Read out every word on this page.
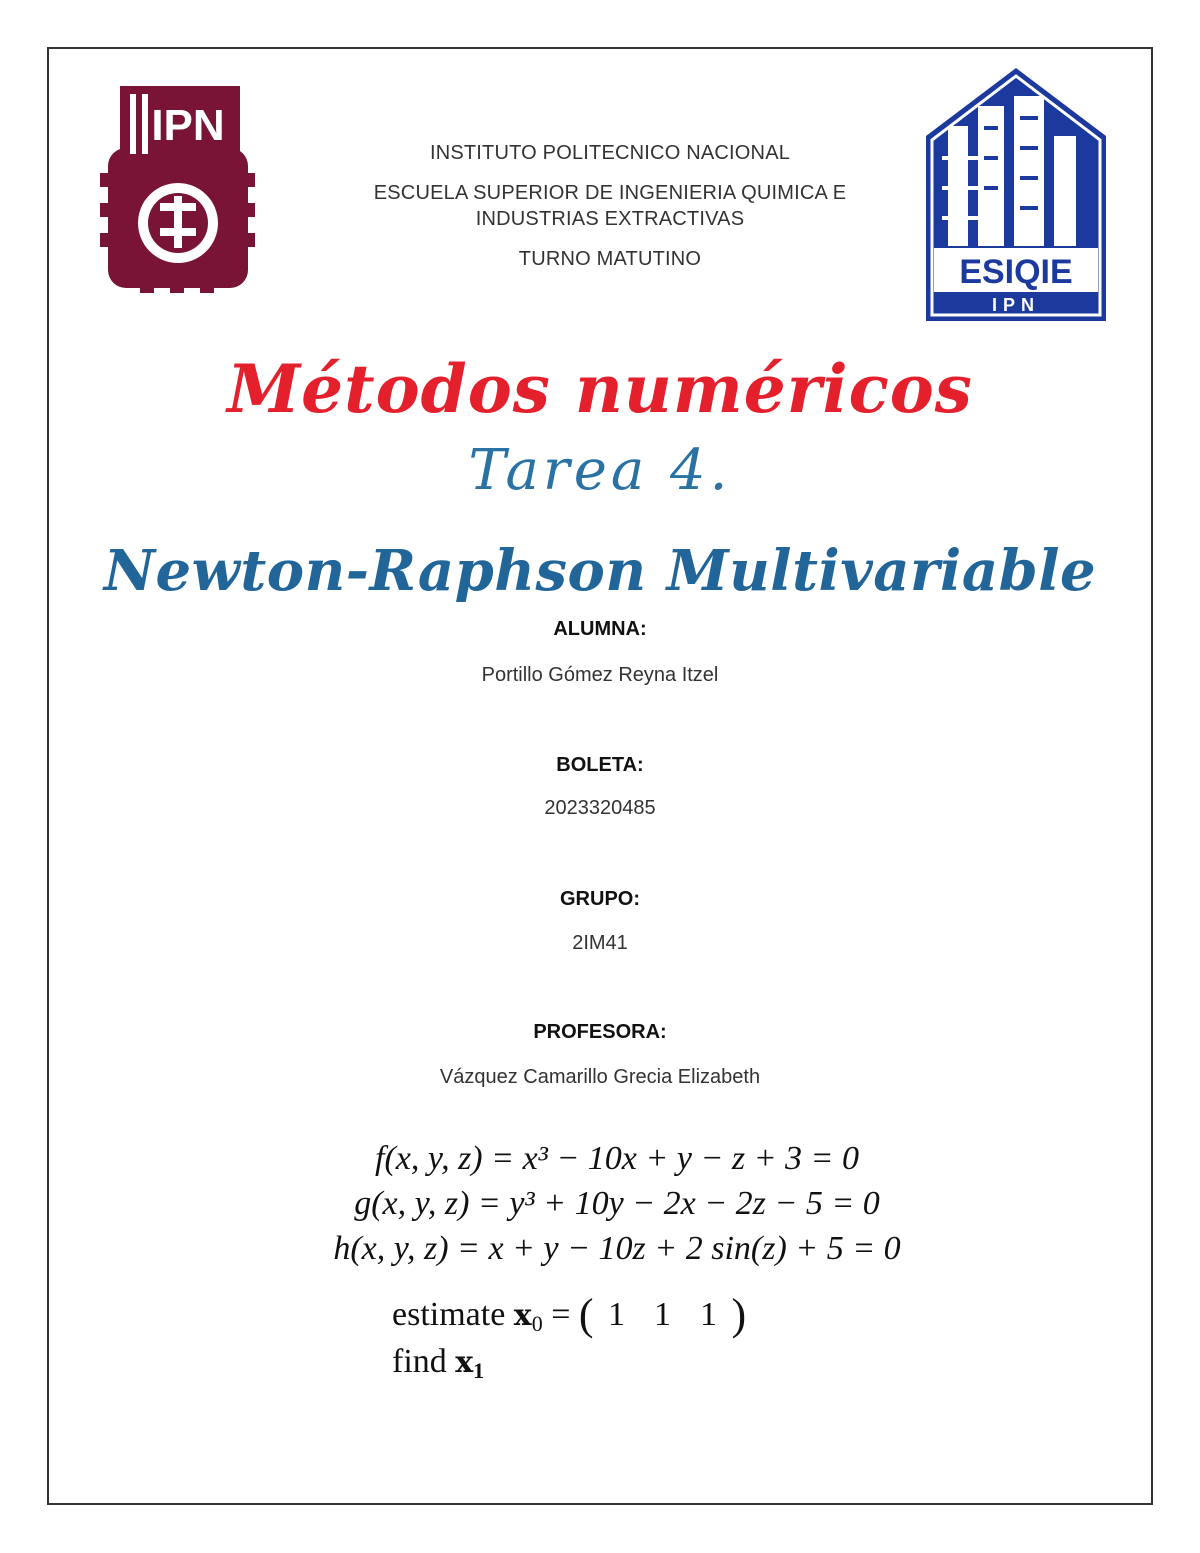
IPN
ESIQIE
IPN

INSTITUTO POLITECNICO NACIONAL

ESCUELA SUPERIOR DE INGENIERIA QUIMICA E INDUSTRIAS EXTRACTIVAS

TURNO MATUTINO

Métodos numéricos
Tarea 4.
Newton-Raphson Multivariable
ALUMNA:
Portillo Gómez Reyna Itzel
BOLETA:
2023320485
GRUPO:
2IM41
PROFESORA:
Vázquez Camarillo Grecia Elizabeth

f(x, y, z) = x³ − 10x + y − z + 3 = 0

g(x, y, z) = y³ + 10y − 2x − 2z − 5 = 0

h(x, y, z) = x + y − 10z + 2 sin(z) + 5 = 0

estimate x0 = ( 1 1 1 )

find x1
